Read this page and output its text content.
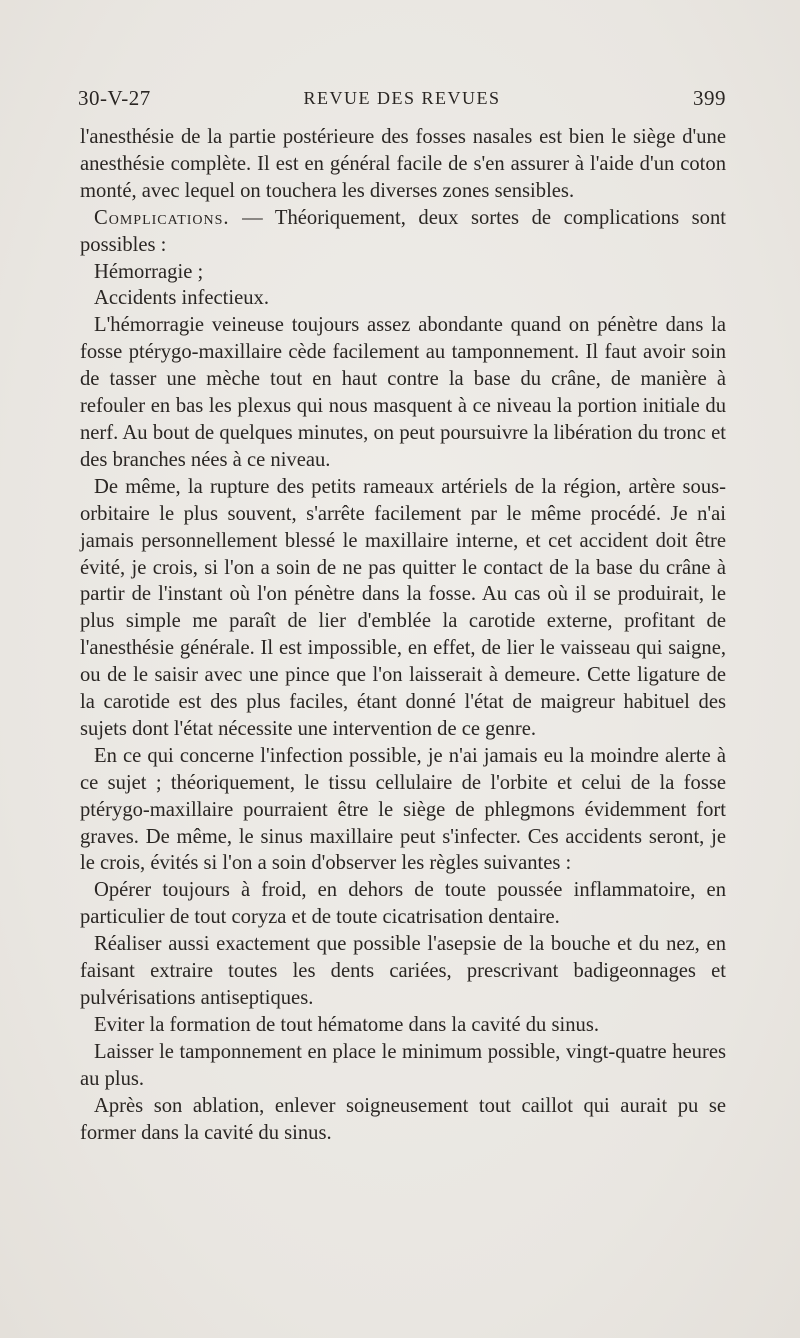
30-V-27	REVUE DES REVUES	399

l'anesthésie de la partie postérieure des fosses nasales est bien le siège d'une anesthésie complète. Il est en général facile de s'en assurer à l'aide d'un coton monté, avec lequel on touchera les diverses zones sensibles.

Complications. — Théoriquement, deux sortes de complications sont possibles :

Hémorragie ;

Accidents infectieux.

L'hémorragie veineuse toujours assez abondante quand on pénètre dans la fosse ptérygo-maxillaire cède facilement au tamponnement. Il faut avoir soin de tasser une mèche tout en haut contre la base du crâne, de manière à refouler en bas les plexus qui nous masquent à ce niveau la portion initiale du nerf. Au bout de quelques minutes, on peut poursuivre la libération du tronc et des branches nées à ce niveau.

De même, la rupture des petits rameaux artériels de la région, artère sous-orbitaire le plus souvent, s'arrête facilement par le même procédé. Je n'ai jamais personnellement blessé le maxillaire interne, et cet accident doit être évité, je crois, si l'on a soin de ne pas quitter le contact de la base du crâne à partir de l'instant où l'on pénètre dans la fosse. Au cas où il se produirait, le plus simple me paraît de lier d'emblée la carotide externe, profitant de l'anesthésie générale. Il est impossible, en effet, de lier le vaisseau qui saigne, ou de le saisir avec une pince que l'on laisserait à demeure. Cette ligature de la carotide est des plus faciles, étant donné l'état de maigreur habituel des sujets dont l'état nécessite une intervention de ce genre.

En ce qui concerne l'infection possible, je n'ai jamais eu la moindre alerte à ce sujet ; théoriquement, le tissu cellulaire de l'orbite et celui de la fosse ptérygo-maxillaire pourraient être le siège de phlegmons évidemment fort graves. De même, le sinus maxillaire peut s'infecter. Ces accidents seront, je le crois, évités si l'on a soin d'observer les règles suivantes :

Opérer toujours à froid, en dehors de toute poussée inflammatoire, en particulier de tout coryza et de toute cicatrisation dentaire.

Réaliser aussi exactement que possible l'asepsie de la bouche et du nez, en faisant extraire toutes les dents cariées, prescrivant badigeonnages et pulvérisations antiseptiques.

Eviter la formation de tout hématome dans la cavité du sinus.

Laisser le tamponnement en place le minimum possible, vingt-quatre heures au plus.

Après son ablation, enlever soigneusement tout caillot qui aurait pu se former dans la cavité du sinus.
